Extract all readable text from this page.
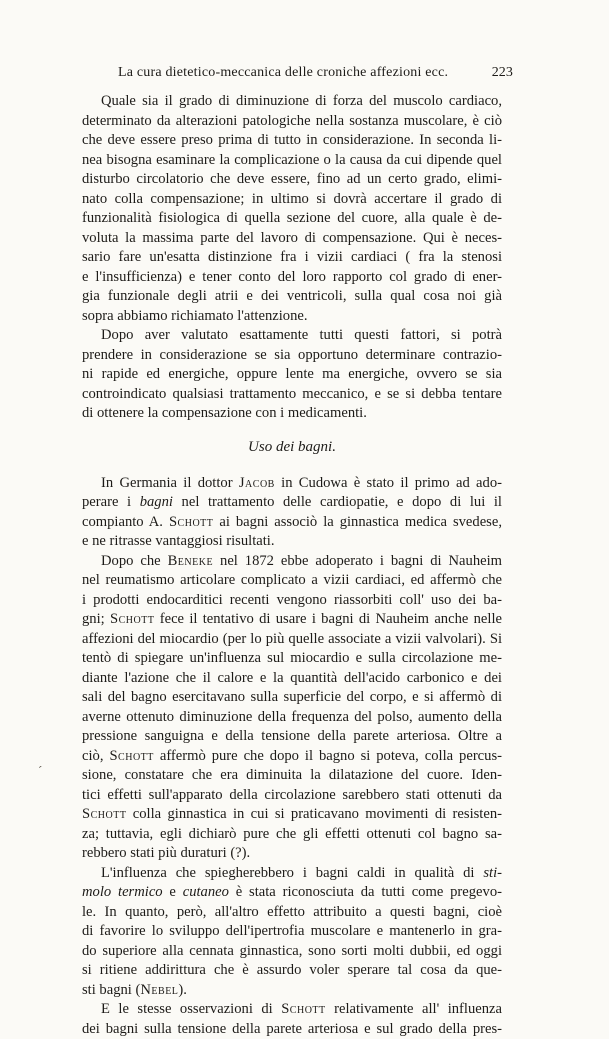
La cura dietetico-meccanica delle croniche affezioni ecc.	223
Quale sia il grado di diminuzione di forza del muscolo cardiaco,
determinato da alterazioni patologiche nella sostanza muscolare, è ciò
che deve essere preso prima di tutto in considerazione. In seconda li-
nea bisogna esaminare la complicazione o la causa da cui dipende quel
disturbo circolatorio che deve essere, fino ad un certo grado, elimi-
nato colla compensazione; in ultimo si dovrà accertare il grado di
funzionalità fisiologica di quella sezione del cuore, alla quale è de-
voluta la massima parte del lavoro di compensazione. Qui è neces-
sario fare un'esatta distinzione fra i vizii cardiaci ( fra la stenosi
e l'insufficienza) e tener conto del loro rapporto col grado di ener-
gia funzionale degli atrii e dei ventricoli, sulla qual cosa noi già
sopra abbiamo richiamato l'attenzione.
Dopo aver valutato esattamente tutti questi fattori, si potrà
prendere in considerazione se sia opportuno determinare contrazio-
ni rapide ed energiche, oppure lente ma energiche, ovvero se sia
controindicato qualsiasi trattamento meccanico, e se si debba tentare
di ottenere la compensazione con i medicamenti.
Uso dei bagni.
In Germania il dottor Jacob in Cudowa è stato il primo ad ado-
perare i bagni nel trattamento delle cardiopatie, e dopo di lui il
compianto A. Schott ai bagni associò la ginnastica medica svedese,
e ne ritrasse vantaggiosi risultati.
Dopo che Beneke nel 1872 ebbe adoperato i bagni di Nauheim
nel reumatismo articolare complicato a vizii cardiaci, ed affermò che
i prodotti endocarditici recenti vengono riassorbiti coll' uso dei ba-
gni; Schott fece il tentativo di usare i bagni di Nauheim anche nelle
affezioni del miocardio (per lo più quelle associate a vizii valvolari). Si
tentò di spiegare un'influenza sul miocardio e sulla circolazione me-
diante l'azione che il calore e la quantità dell'acido carbonico e dei
sali del bagno esercitavano sulla superficie del corpo, e si affermò di
averne ottenuto diminuzione della frequenza del polso, aumento della
pressione sanguigna e della tensione della parete arteriosa. Oltre a
ciò, Schott affermò pure che dopo il bagno si poteva, colla percus-
sione, constatare che era diminuita la dilatazione del cuore. Iden-
tici effetti sull'apparato della circolazione sarebbero stati ottenuti da
Schott colla ginnastica in cui si praticavano movimenti di resisten-
za; tuttavia, egli dichiarò pure che gli effetti ottenuti col bagno sa-
rebbero stati più duraturi (?).
L'influenza che spiegherebbero i bagni caldi in qualità di sti-
molo termico e cutaneo è stata riconosciuta da tutti come pregevo-
le. In quanto, però, all'altro effetto attribuito a questi bagni, cioè
di favorire lo sviluppo dell'ipertrofia muscolare e mantenerlo in gra-
do superiore alla cennata ginnastica, sono sorti molti dubbii, ed oggi
si ritiene addirittura che è assurdo voler sperare tal cosa da que-
sti bagni (Nebel).
E le stesse osservazioni di Schott relativamente all' influenza
dei bagni sulla tensione della parete arteriosa e sul grado della pres-
´
